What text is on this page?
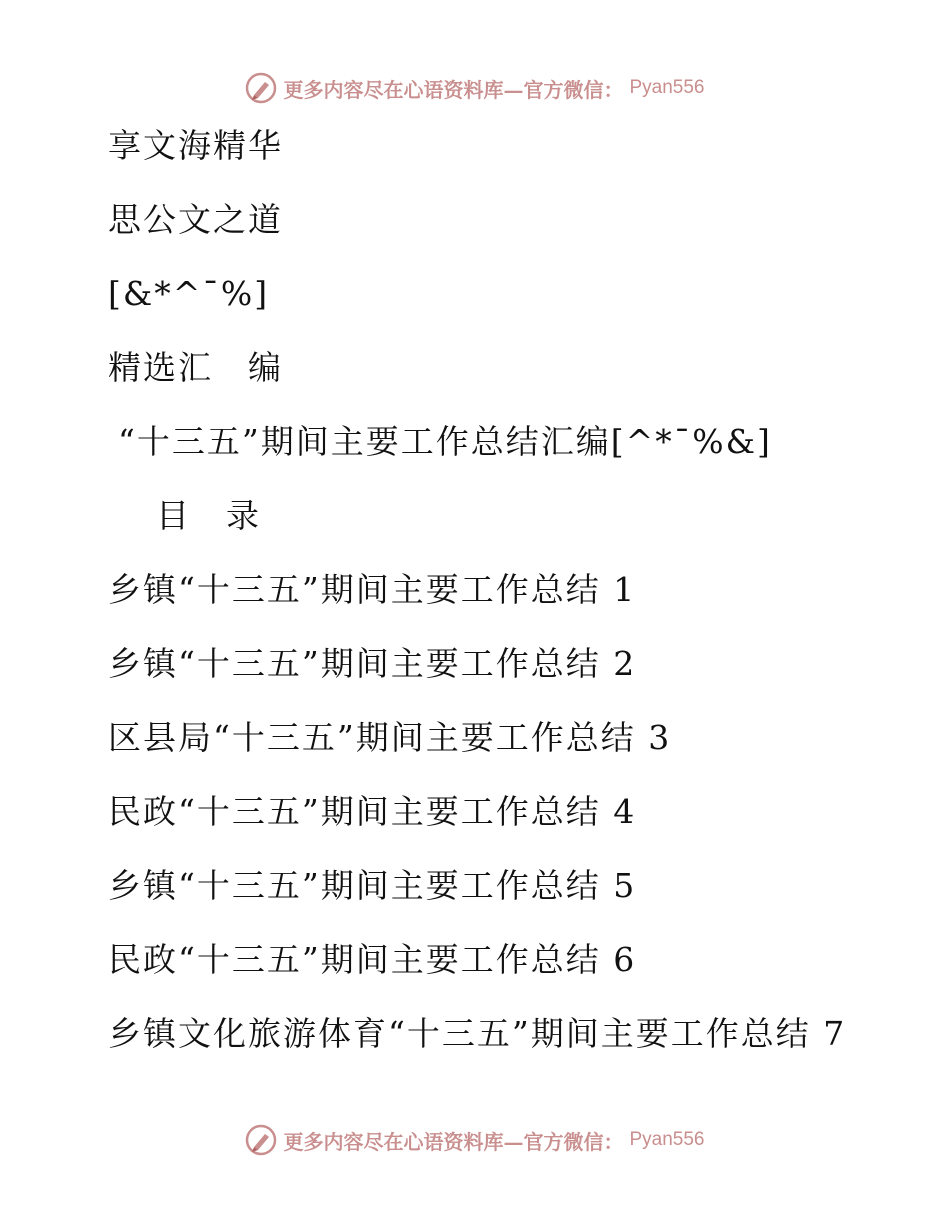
更多内容尽在心语资料库—官方微信： Pyan556
享文海精华
思公文之道
[&*^¯%]
精选汇　编
“十三五”期间主要工作总结汇编[^*¯%&]
目　录
乡镇“十三五”期间主要工作总结 1
乡镇“十三五”期间主要工作总结 2
区县局“十三五”期间主要工作总结 3
民政“十三五”期间主要工作总结 4
乡镇“十三五”期间主要工作总结 5
民政“十三五”期间主要工作总结 6
乡镇文化旅游体育“十三五”期间主要工作总结 7
更多内容尽在心语资料库—官方微信： Pyan556
